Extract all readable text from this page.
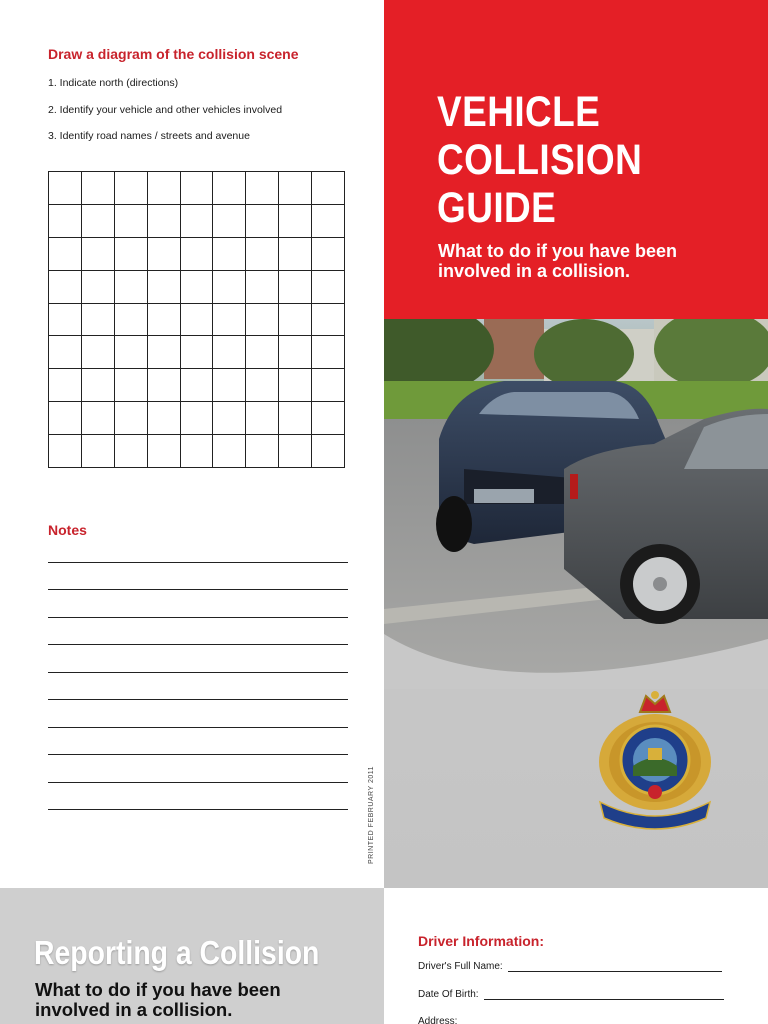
Draw a diagram of the collision scene
1. Indicate north (directions)
2. Identify your vehicle and other vehicles involved
3. Identify road names / streets and avenue

Notes
PRINTED FEBRUARY 2011
VEHICLE
COLLISION
GUIDE

What to do if you have been involved in a collision.

Reporting a Collision

What to do if you have been involved in a collision.

Driver Information:
Driver's Full Name:
Date Of Birth:
Address:
